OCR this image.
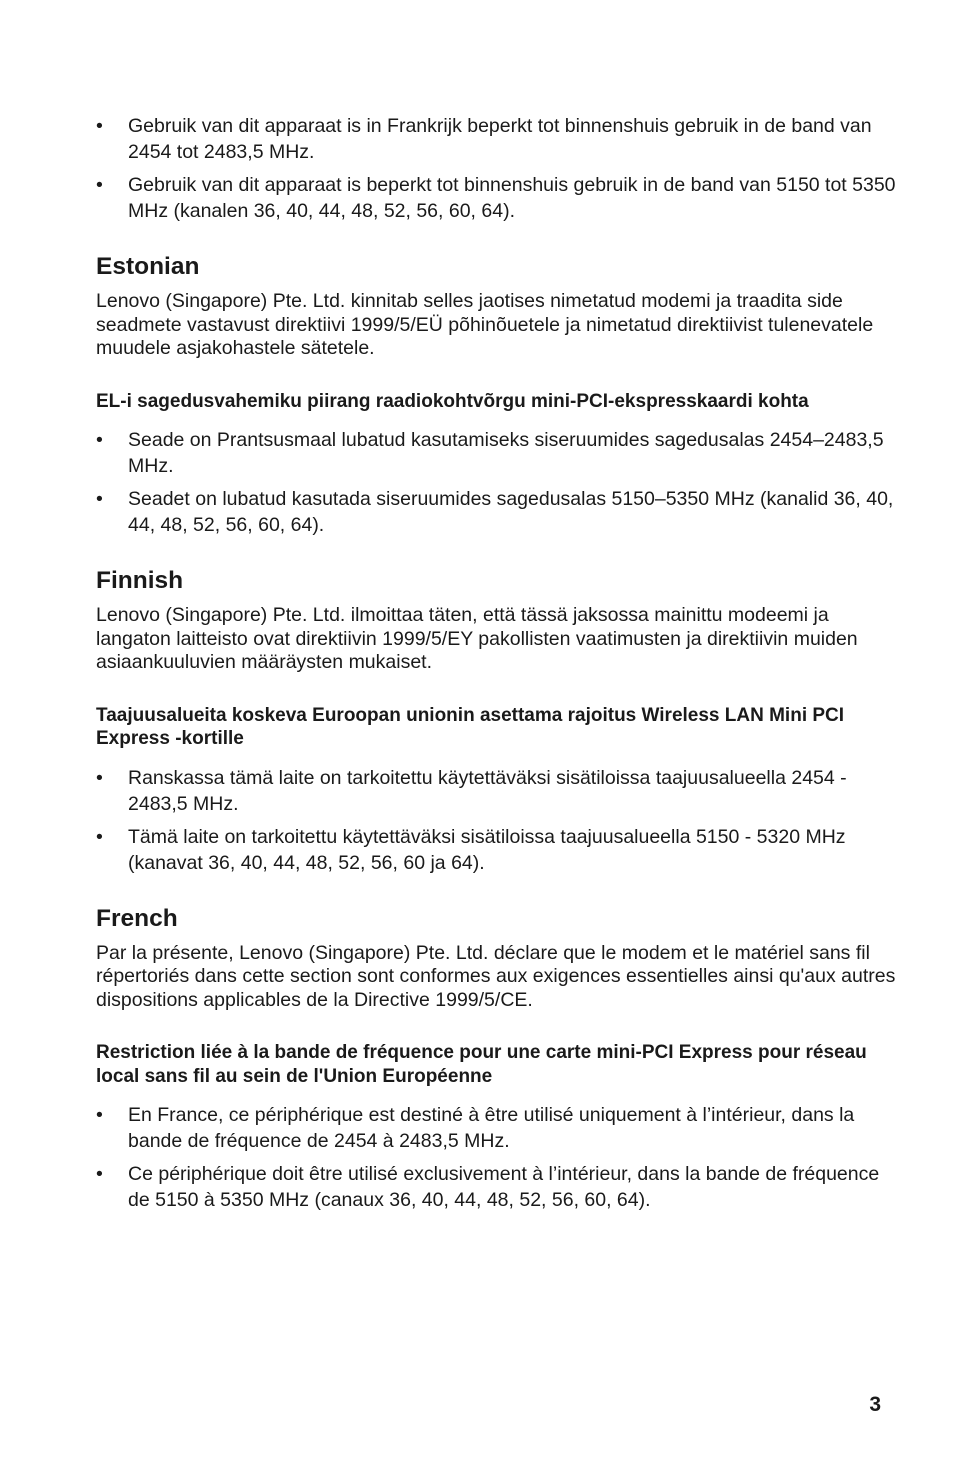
• Gebruik van dit apparaat is in Frankrijk beperkt tot binnenshuis gebruik in de band van 2454 tot 2483,5 MHz.
• Gebruik van dit apparaat is beperkt tot binnenshuis gebruik in de band van 5150 tot 5350 MHz (kanalen 36, 40, 44, 48, 52, 56, 60, 64).
Estonian

Lenovo (Singapore) Pte. Ltd. kinnitab selles jaotises nimetatud modemi ja traadita side seadmete vastavust direktiivi 1999/5/EÜ põhinõuetele ja nimetatud direktiivist tulenevatele muudele asjakohastele sätetele.

EL-i sagedusvahemiku piirang raadiokohtvõrgu mini-PCI-ekspresskaardi kohta
• Seade on Prantsusmaal lubatud kasutamiseks siseruumides sagedusalas 2454–2483,5 MHz.
• Seadet on lubatud kasutada siseruumides sagedusalas 5150–5350 MHz (kanalid 36, 40, 44, 48, 52, 56, 60, 64).
Finnish

Lenovo (Singapore) Pte. Ltd. ilmoittaa täten, että tässä jaksossa mainittu modeemi ja langaton laitteisto ovat direktiivin 1999/5/EY pakollisten vaatimusten ja direktiivin muiden asiaankuuluvien määräysten mukaiset.

Taajuusalueita koskeva Euroopan unionin asettama rajoitus Wireless LAN Mini PCI Express -kortille
• Ranskassa tämä laite on tarkoitettu käytettäväksi sisätiloissa taajuusalueella 2454 - 2483,5 MHz.
• Tämä laite on tarkoitettu käytettäväksi sisätiloissa taajuusalueella 5150 - 5320 MHz (kanavat 36, 40, 44, 48, 52, 56, 60 ja 64).
French

Par la présente, Lenovo (Singapore) Pte. Ltd. déclare que le modem et le matériel sans fil répertoriés dans cette section sont conformes aux exigences essentielles ainsi qu'aux autres dispositions applicables de la Directive 1999/5/CE.

Restriction liée à la bande de fréquence pour une carte mini-PCI Express pour réseau local sans fil au sein de l'Union Européenne
• En France, ce périphérique est destiné à être utilisé uniquement à l’intérieur, dans la bande de fréquence de 2454 à 2483,5 MHz.
• Ce périphérique doit être utilisé exclusivement à l’intérieur, dans la bande de fréquence de 5150 à 5350 MHz (canaux 36, 40, 44, 48, 52, 56, 60, 64).
3
